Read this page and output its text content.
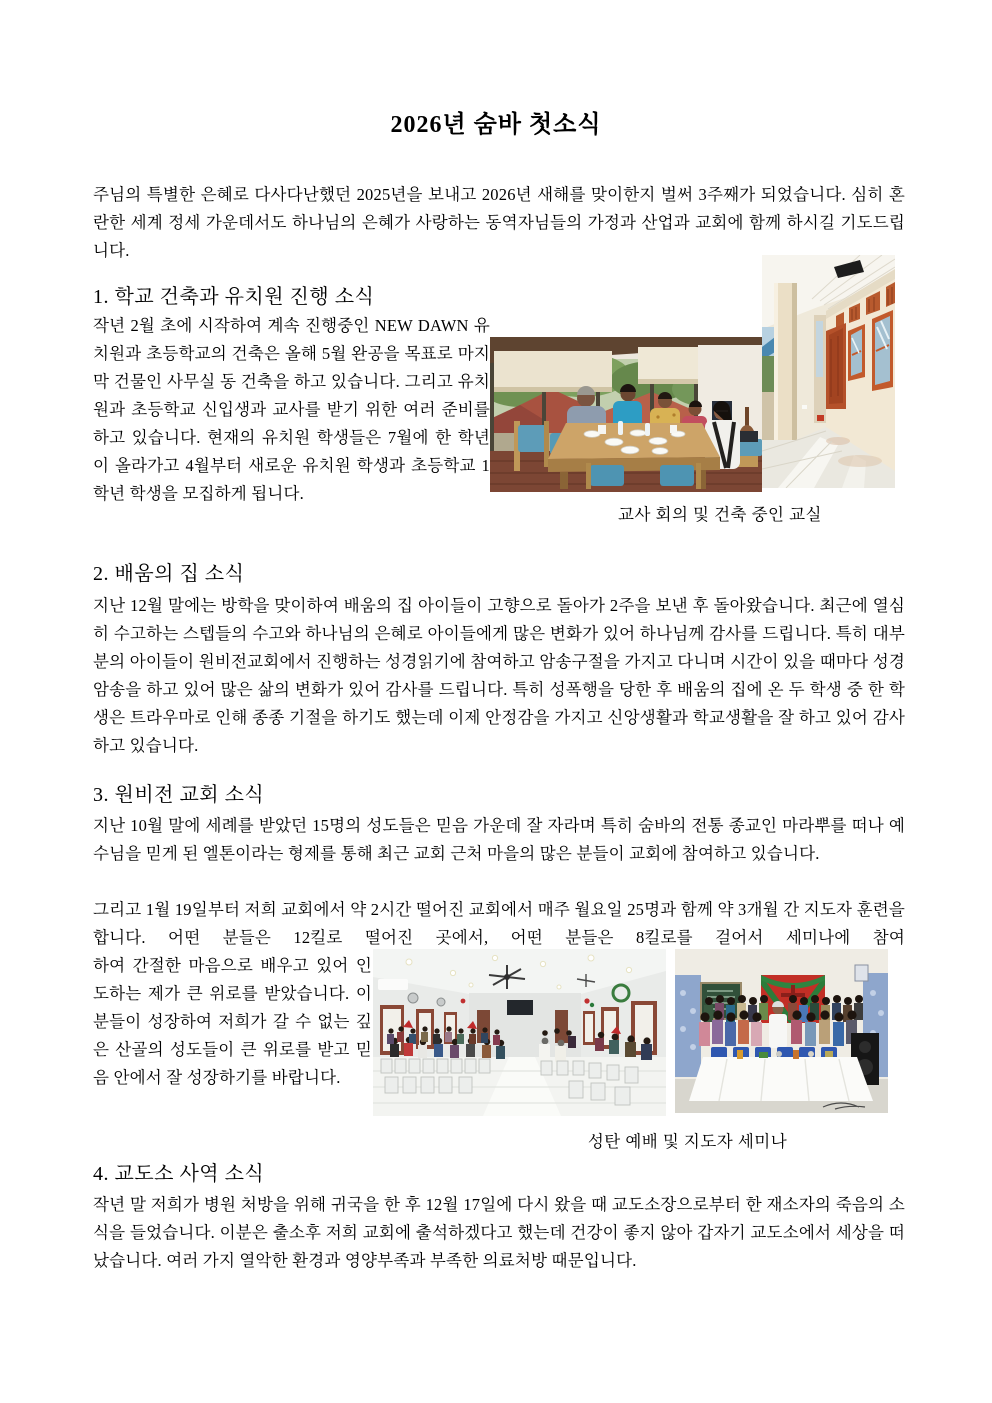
2026년 숨바 첫소식
주님의 특별한 은혜로 다사다난했던 2025년을 보내고 2026년 새해를 맞이한지 벌써 3주째가 되었습니다. 심히 혼란한 세계 정세 가운데서도 하나님의 은혜가 사랑하는 동역자님들의 가정과 산업과 교회에 함께 하시길 기도드립니다.
1. 학교 건축과 유치원 진행 소식
작년 2월 초에 시작하여 계속 진행중인 NEW DAWN 유치원과 초등학교의 건축은 올해 5월 완공을 목표로 마지막 건물인 사무실 동 건축을 하고 있습니다. 그리고 유치원과 초등학교 신입생과 교사를 받기 위한 여러 준비를 하고 있습니다. 현재의 유치원 학생들은 7월에 한 학년이 올라가고 4월부터 새로운 유치원 학생과 초등학교 1학년 학생을 모집하게 됩니다.
교사 회의 및 건축 중인 교실
2. 배움의 집 소식
지난 12월 말에는 방학을 맞이하여 배움의 집 아이들이 고향으로 돌아가 2주을 보낸 후 돌아왔습니다. 최근에 열심히 수고하는 스텝들의 수고와 하나님의 은혜로 아이들에게 많은 변화가 있어 하나님께 감사를 드립니다. 특히 대부분의 아이들이 원비전교회에서 진행하는 성경읽기에 참여하고 암송구절을 가지고 다니며 시간이 있을 때마다 성경암송을 하고 있어 많은 삶의 변화가 있어 감사를 드립니다. 특히 성폭행을 당한 후 배움의 집에 온 두 학생 중 한 학생은 트라우마로 인해 종종 기절을 하기도 했는데 이제 안정감을 가지고 신앙생활과 학교생활을 잘 하고 있어 감사하고 있습니다.
3. 원비전 교회 소식
지난 10월 말에 세례를 받았던 15명의 성도들은 믿음 가운데 잘 자라며 특히 숨바의 전통 종교인 마라뿌를 떠나 예수님을 믿게 된 엘톤이라는 형제를 통해 최근 교회 근처 마을의 많은 분들이 교회에 참여하고 있습니다.
그리고 1월 19일부터 저희 교회에서 약 2시간 떨어진 교회에서 매주 월요일 25명과 함께 약 3개월 간 지도자 훈련을 합니다. 어떤 분들은 12킬로 떨어진 곳에서, 어떤 분들은 8킬로를 걸어서 세미나에 참여
하여 간절한 마음으로 배우고 있어 인도하는 제가 큰 위로를 받았습니다. 이분들이 성장하여 저희가 갈 수 없는 깊은 산골의 성도들이 큰 위로를 받고 믿음 안에서 잘 성장하기를 바랍니다.
성탄 예배 및 지도자 세미나
4. 교도소 사역 소식
작년 말 저희가 병원 처방을 위해 귀국을 한 후 12월 17일에 다시 왔을 때 교도소장으로부터 한 재소자의 죽음의 소식을 들었습니다. 이분은 출소후 저희 교회에 출석하겠다고 했는데 건강이 좋지 않아 갑자기 교도소에서 세상을 떠났습니다. 여러 가지 열악한 환경과 영양부족과 부족한 의료처방 때문입니다.
